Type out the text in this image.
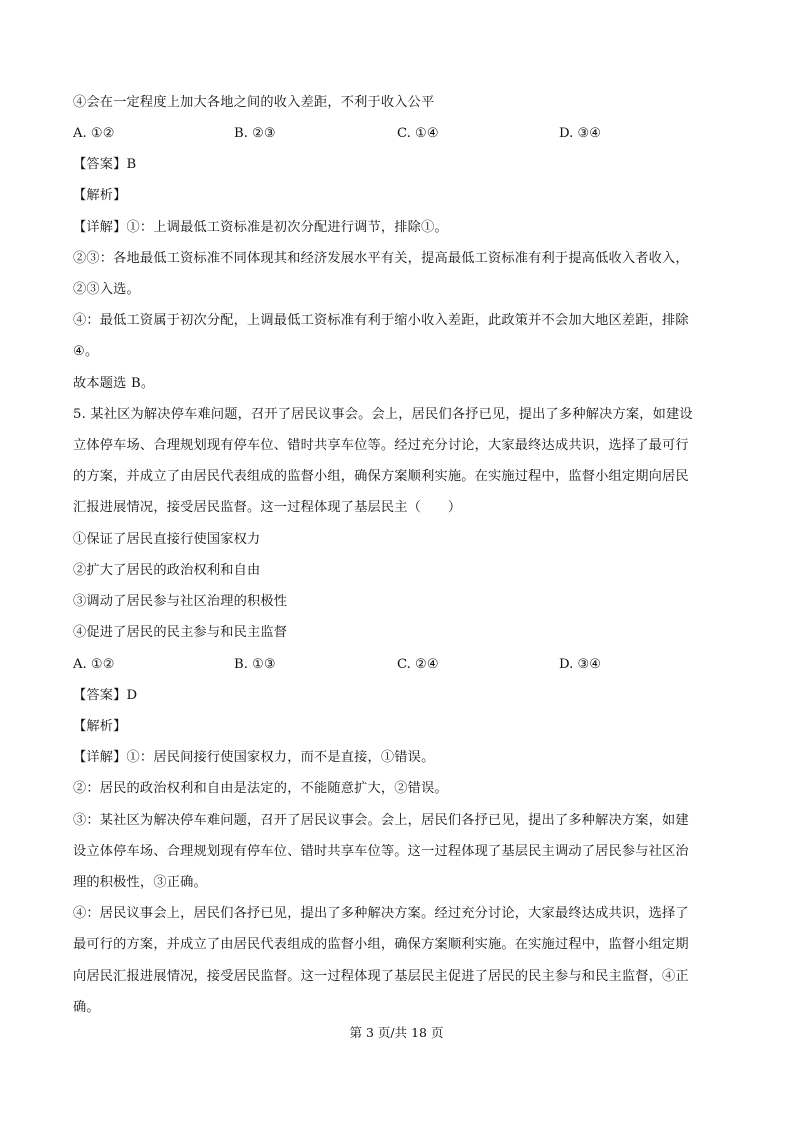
④会在一定程度上加大各地之间的收入差距，不利于收入公平
A. ①②	B. ②③	C. ①④	D. ③④
【答案】B
【解析】
【详解】①：上调最低工资标准是初次分配进行调节，排除①。
②③：各地最低工资标准不同体现其和经济发展水平有关，提高最低工资标准有利于提高低收入者收入，
②③入选。
④：最低工资属于初次分配，上调最低工资标准有利于缩小收入差距，此政策并不会加大地区差距，排除
④。
故本题选 B。
5. 某社区为解决停车难问题，召开了居民议事会。会上，居民们各抒已见，提出了多种解决方案，如建设
立体停车场、合理规划现有停车位、错时共享车位等。经过充分讨论，大家最终达成共识，选择了最可行
的方案，并成立了由居民代表组成的监督小组，确保方案顺利实施。在实施过程中，监督小组定期向居民
汇报进展情况，接受居民监督。这一过程体现了基层民主（　　）
①保证了居民直接行使国家权力
②扩大了居民的政治权利和自由
③调动了居民参与社区治理的积极性
④促进了居民的民主参与和民主监督
A. ①②	B. ①③	C. ②④	D. ③④
【答案】D
【解析】
【详解】①：居民间接行使国家权力，而不是直接，①错误。
②：居民的政治权利和自由是法定的，不能随意扩大，②错误。
③：某社区为解决停车难问题，召开了居民议事会。会上，居民们各抒已见，提出了多种解决方案，如建
设立体停车场、合理规划现有停车位、错时共享车位等。这一过程体现了基层民主调动了居民参与社区治
理的积极性，③正确。
④：居民议事会上，居民们各抒已见，提出了多种解决方案。经过充分讨论，大家最终达成共识，选择了
最可行的方案，并成立了由居民代表组成的监督小组，确保方案顺利实施。在实施过程中，监督小组定期
向居民汇报进展情况，接受居民监督。这一过程体现了基层民主促进了居民的民主参与和民主监督，④正
确。
第 3 页/共 18 页
